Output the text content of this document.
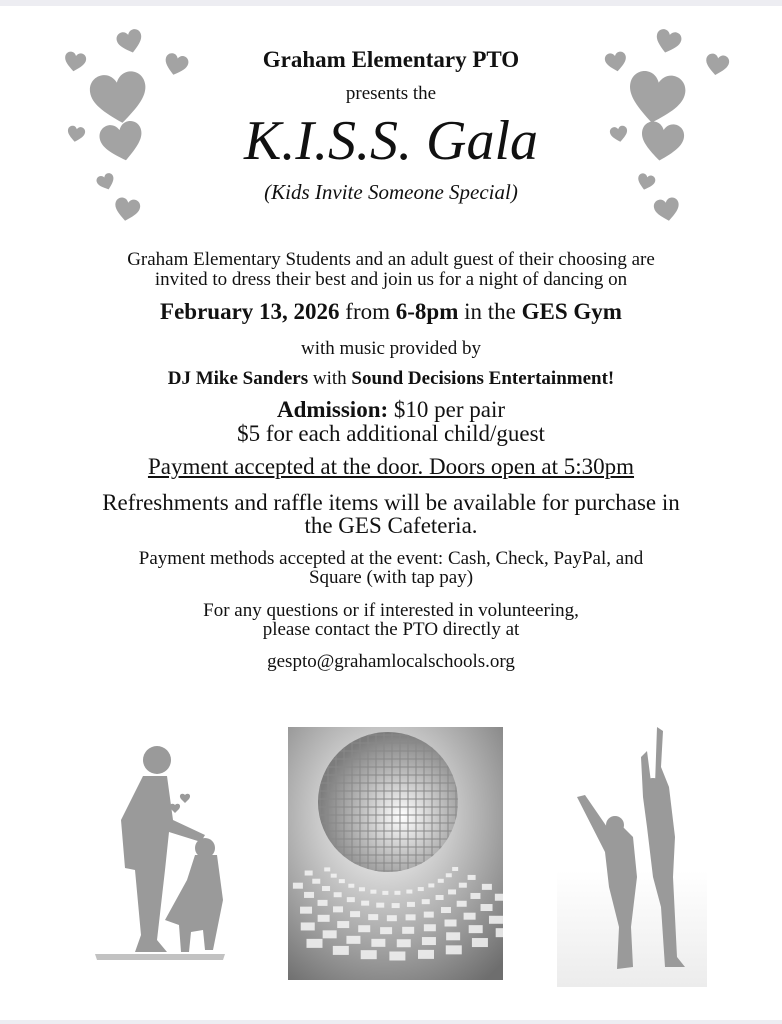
Graham Elementary PTO
presents the
K.I.S.S. Gala
(Kids Invite Someone Special)
Graham Elementary Students and an adult guest of their choosing are
invited to dress their best and join us for a night of dancing on
February 13, 2026 from 6-8pm in the GES Gym
with music provided by
DJ Mike Sanders with Sound Decisions Entertainment!
Admission: $10 per pair
$5 for each additional child/guest
Payment accepted at the door. Doors open at 5:30pm
Refreshments and raffle items will be available for purchase in
the GES Cafeteria.
Payment methods accepted at the event: Cash, Check, PayPal, and
Square (with tap pay)
For any questions or if interested in volunteering,
please contact the PTO directly at
gespto@grahamlocalschools.org
